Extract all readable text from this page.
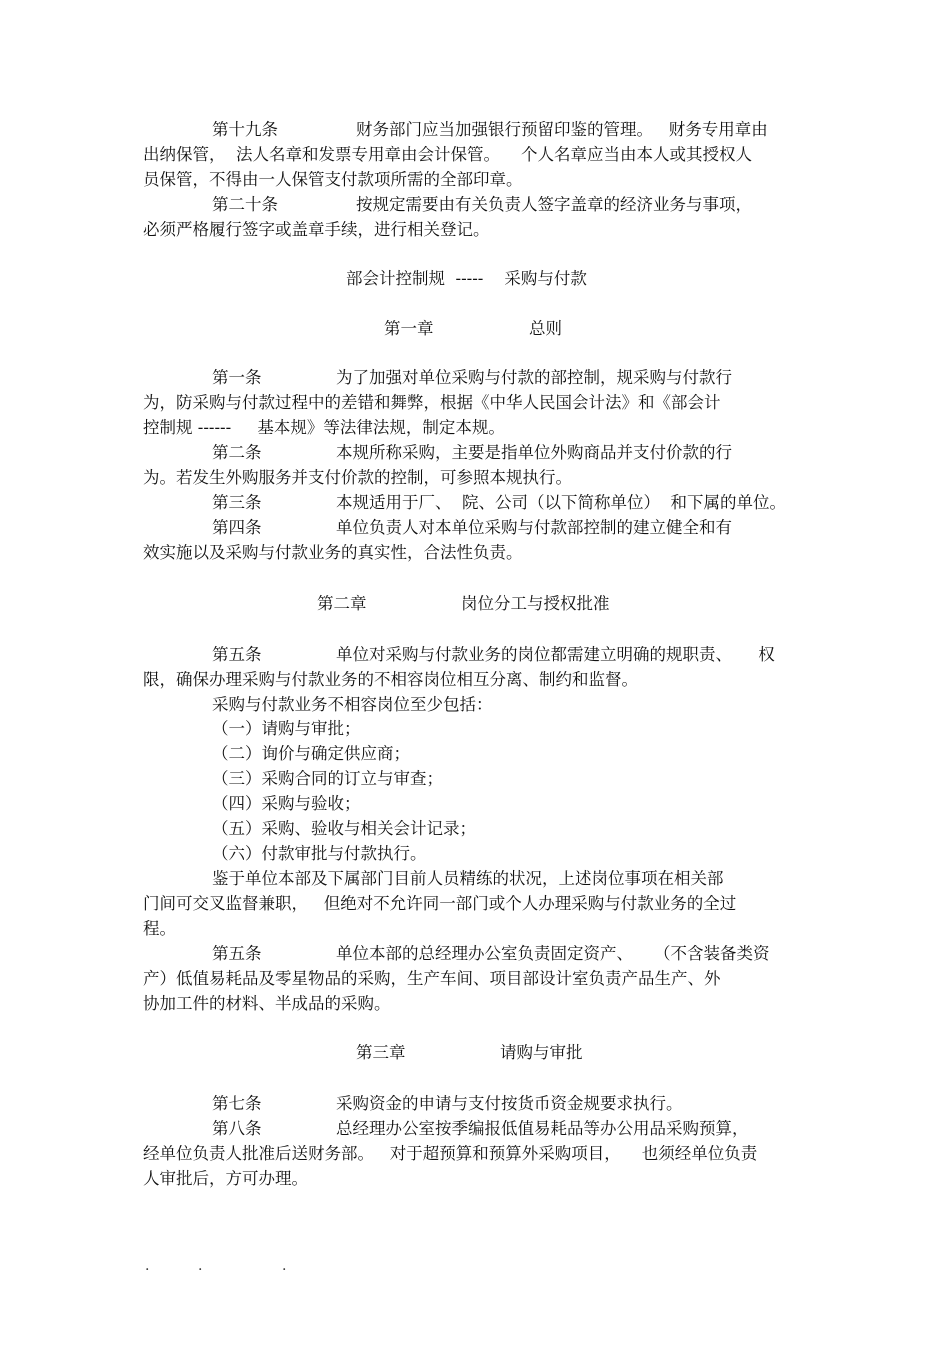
第十九条	财务部门应当加强银行预留印鉴的管理。   财务专用章由
出纳保管，  法人名章和发票专用章由会计保管。    个人名章应当由本人或其授权人
员保管，不得由一人保管支付款项所需的全部印章。
第二十条	按规定需要由有关负责人签字盖章的经济业务与事项，
必须严格履行签字或盖章手续，进行相关登记。
部会计控制规  -----    采购与付款
第一章	总则
第一条	为了加强对单位采购与付款的部控制，规采购与付款行
为，防采购与付款过程中的差错和舞弊，根据《中华人民国会计法》和《部会计
控制规 ------     基本规》等法律法规，制定本规。
第二条	本规所称采购，主要是指单位外购商品并支付价款的行
为。若发生外购服务并支付价款的控制，可参照本规执行。
第三条	本规适用于厂、  院、公司（以下简称单位）  和下属的单位。
第四条	单位负责人对本单位采购与付款部控制的建立健全和有
效实施以及采购与付款业务的真实性，合法性负责。
第二章	岗位分工与授权批准
第五条	单位对采购与付款业务的岗位都需建立明确的规职责、     权
限，确保办理采购与付款业务的不相容岗位相互分离、制约和监督。
采购与付款业务不相容岗位至少包括：
（一）请购与审批；
（二）询价与确定供应商；
（三）采购合同的订立与审查；
（四）采购与验收；
（五）采购、验收与相关会计记录；
（六）付款审批与付款执行。
鉴于单位本部及下属部门目前人员精练的状况，上述岗位事项在相关部
门间可交叉监督兼职，   但绝对不允许同一部门或个人办理采购与付款业务的全过
程。
第五条	单位本部的总经理办公室负责固定资产、    （不含装备类资
产）低值易耗品及零星物品的采购，生产车间、项目部设计室负责产品生产、外
协加工件的材料、半成品的采购。
第三章	请购与审批
第七条	采购资金的申请与支付按货币资金规要求执行。
第八条	总经理办公室按季编报低值易耗品等办公用品采购预算，
经单位负责人批准后送财务部。   对于超预算和预算外采购项目，    也须经单位负责
人审批后，方可办理。
.	.	.
